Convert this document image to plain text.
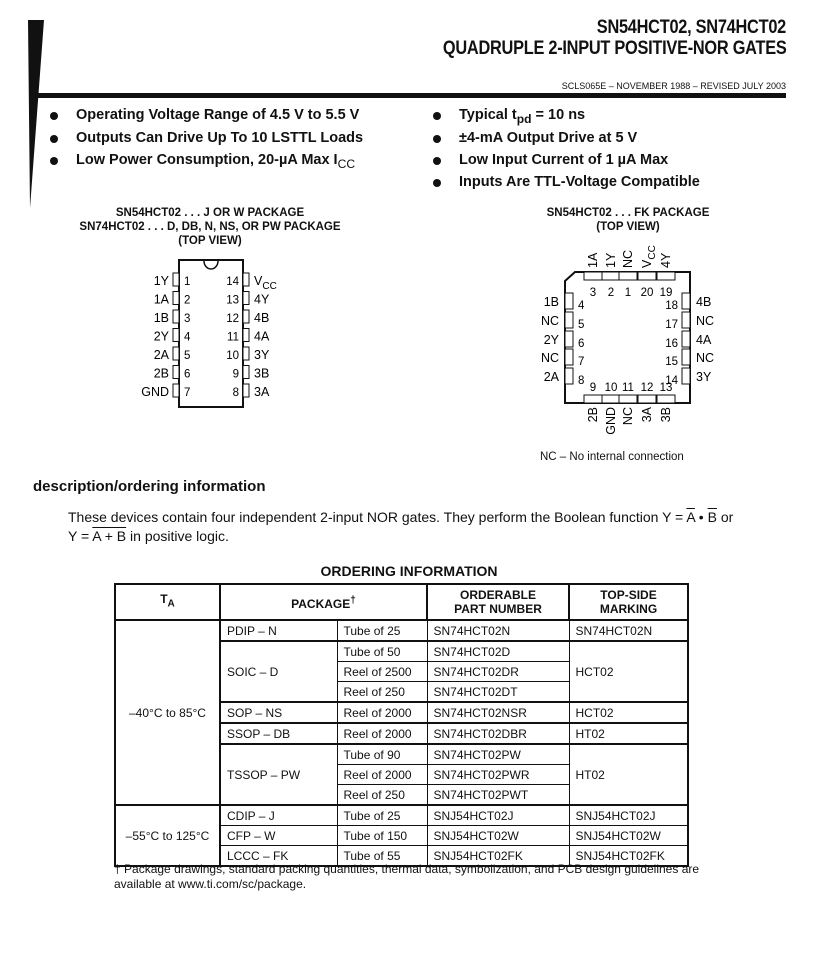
SN54HCT02, SN74HCT02
QUADRUPLE 2-INPUT POSITIVE-NOR GATES
SCLS065E – NOVEMBER 1988 – REVISED JULY 2003
Operating Voltage Range of 4.5 V to 5.5 V
Outputs Can Drive Up To 10 LSTTL Loads
Low Power Consumption, 20-µA Max $I_{CC}$
Typical $t_{pd} = 10$ ns
±4-mA Output Drive at 5 V
Low Input Current of 1 µA Max
Inputs Are TTL-Voltage Compatible
SN54HCT02 . . . J OR W PACKAGE
SN74HCT02 . . . D, DB, N, NS, OR PW PACKAGE
(TOP VIEW)
1Y 1
1A 2
1B 3
2Y 4
2A 5
2B 6
GND 7
$V_{CC}$
14
4Y
13
4B
12
4A
11
3Y
10
3B
9
3A
8
SN54HCT02 . . . FK PACKAGE
(TOP VIEW)
3
1A
2
1Y
1
NC
20
$V_{CC}$
19
4Y
9
2B
10
GND
11
NC
12
3A
13
3B
1B 4
NC 5
2Y 6
NC 7
2A 8
4B
18
NC
17
4A
16
NC
15
3Y
14
NC – No internal connection
description/ordering information
These devices contain four independent 2-input NOR gates. They perform the Boolean function $Y = \overline{A}$ • $\overline{B}$ or
Y = A + B in positive logic.
ORDERING INFORMATION
$T_A$	PACKAGE†		ORDERABLE
PART NUMBER	TOP-SIDE
MARKING
–40°C to 85°C	PDIP – N	Tube of 25	SN74HCT02N	SN74HCT02N
	SOIC – D	Tube of 50	SN74HCT02D	HCT02
		Reel of 2500	SN74HCT02DR	
		Reel of 250	SN74HCT02DT	
	SOP – NS	Reel of 2000	SN74HCT02NSR	HCT02
	SSOP – DB	Reel of 2000	SN74HCT02DBR	HT02
	TSSOP – PW	Tube of 90	SN74HCT02PW	HT02
		Reel of 2000	SN74HCT02PWR	
		Reel of 250	SN74HCT02PWT	
–55°C to 125°C	CDIP – J	Tube of 25	SNJ54HCT02J	SNJ54HCT02J
	CFP – W	Tube of 150	SNJ54HCT02W	SNJ54HCT02W
	LCCC – FK	Tube of 55	SNJ54HCT02FK	SNJ54HCT02FK
† Package drawings, standard packing quantities, thermal data, symbolization, and PCB design guidelines are available at www.ti.com/sc/package.
